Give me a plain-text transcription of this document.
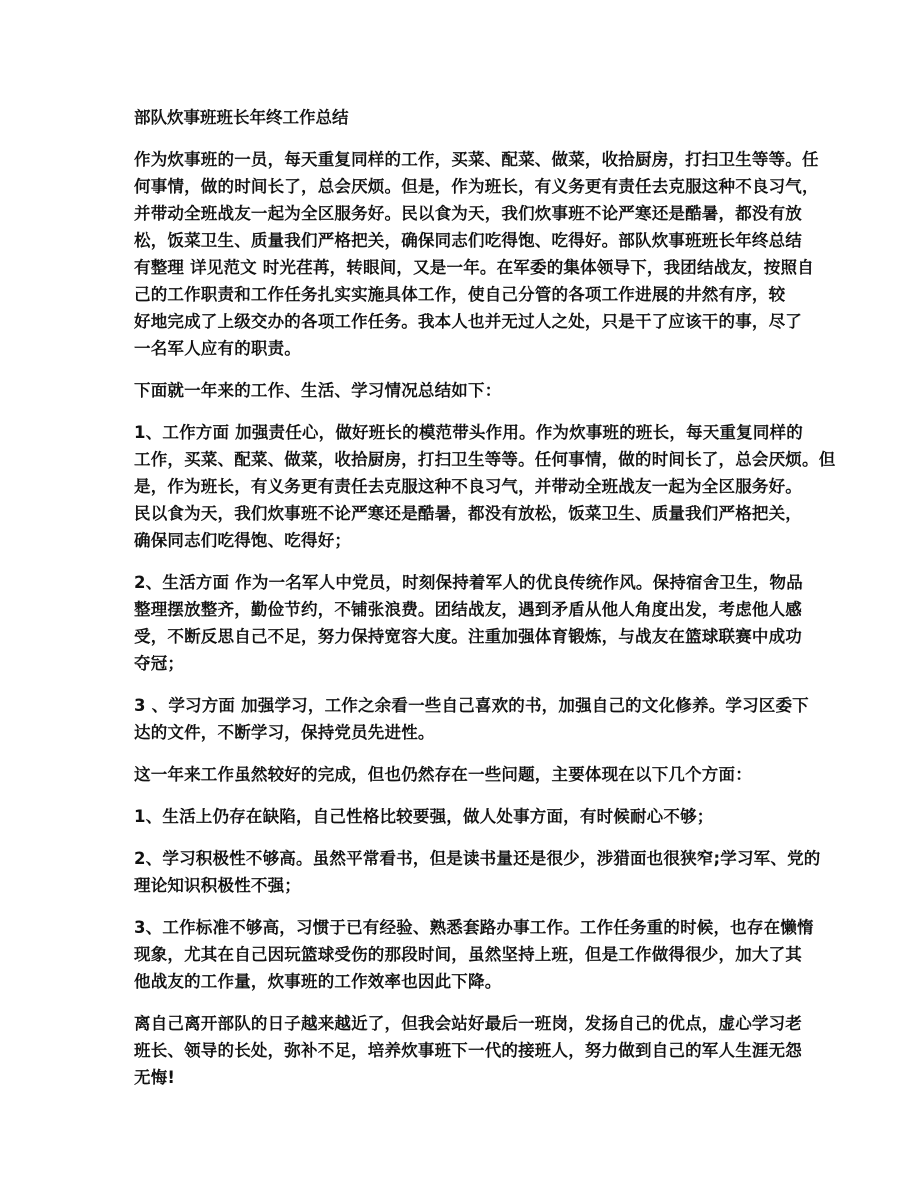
部队炊事班班长年终工作总结
作为炊事班的一员，每天重复同样的工作，买菜、配菜、做菜，收拾厨房，打扫卫生等等。任
何事情，做的时间长了，总会厌烦。但是，作为班长，有义务更有责任去克服这种不良习气，
并带动全班战友一起为全区服务好。民以食为天，我们炊事班不论严寒还是酷暑，都没有放
松，饭菜卫生、质量我们严格把关，确保同志们吃得饱、吃得好。部队炊事班班长年终总结
有整理 详见范文 时光荏苒，转眼间，又是一年。在军委的集体领导下，我团结战友，按照自
己的工作职责和工作任务扎实实施具体工作，使自己分管的各项工作进展的井然有序，较
好地完成了上级交办的各项工作任务。我本人也并无过人之处，只是干了应该干的事，尽了
一名军人应有的职责。
下面就一年来的工作、生活、学习情况总结如下：
1、工作方面 加强责任心，做好班长的模范带头作用。作为炊事班的班长，每天重复同样的
工作，买菜、配菜、做菜，收拾厨房，打扫卫生等等。任何事情，做的时间长了，总会厌烦。但
是，作为班长，有义务更有责任去克服这种不良习气，并带动全班战友一起为全区服务好。
民以食为天，我们炊事班不论严寒还是酷暑，都没有放松，饭菜卫生、质量我们严格把关，
确保同志们吃得饱、吃得好；
2、生活方面 作为一名军人中党员，时刻保持着军人的优良传统作风。保持宿舍卫生，物品
整理摆放整齐，勤俭节约，不铺张浪费。团结战友，遇到矛盾从他人角度出发，考虑他人感
受，不断反思自己不足，努力保持宽容大度。注重加强体育锻炼，与战友在篮球联赛中成功
夺冠；
3 、学习方面 加强学习，工作之余看一些自己喜欢的书，加强自己的文化修养。学习区委下
达的文件，不断学习，保持党员先进性。
这一年来工作虽然较好的完成，但也仍然存在一些问题，主要体现在以下几个方面：
1、生活上仍存在缺陷，自己性格比较要强，做人处事方面，有时候耐心不够；
2、学习积极性不够高。虽然平常看书，但是读书量还是很少，涉猎面也很狭窄;学习军、党的
理论知识积极性不强；
3、工作标准不够高，习惯于已有经验、熟悉套路办事工作。工作任务重的时候，也存在懒惰
现象，尤其在自己因玩篮球受伤的那段时间，虽然坚持上班，但是工作做得很少，加大了其
他战友的工作量，炊事班的工作效率也因此下降。
离自己离开部队的日子越来越近了，但我会站好最后一班岗，发扬自己的优点，虚心学习老
班长、领导的长处，弥补不足，培养炊事班下一代的接班人，努力做到自己的军人生涯无怨
无悔!
